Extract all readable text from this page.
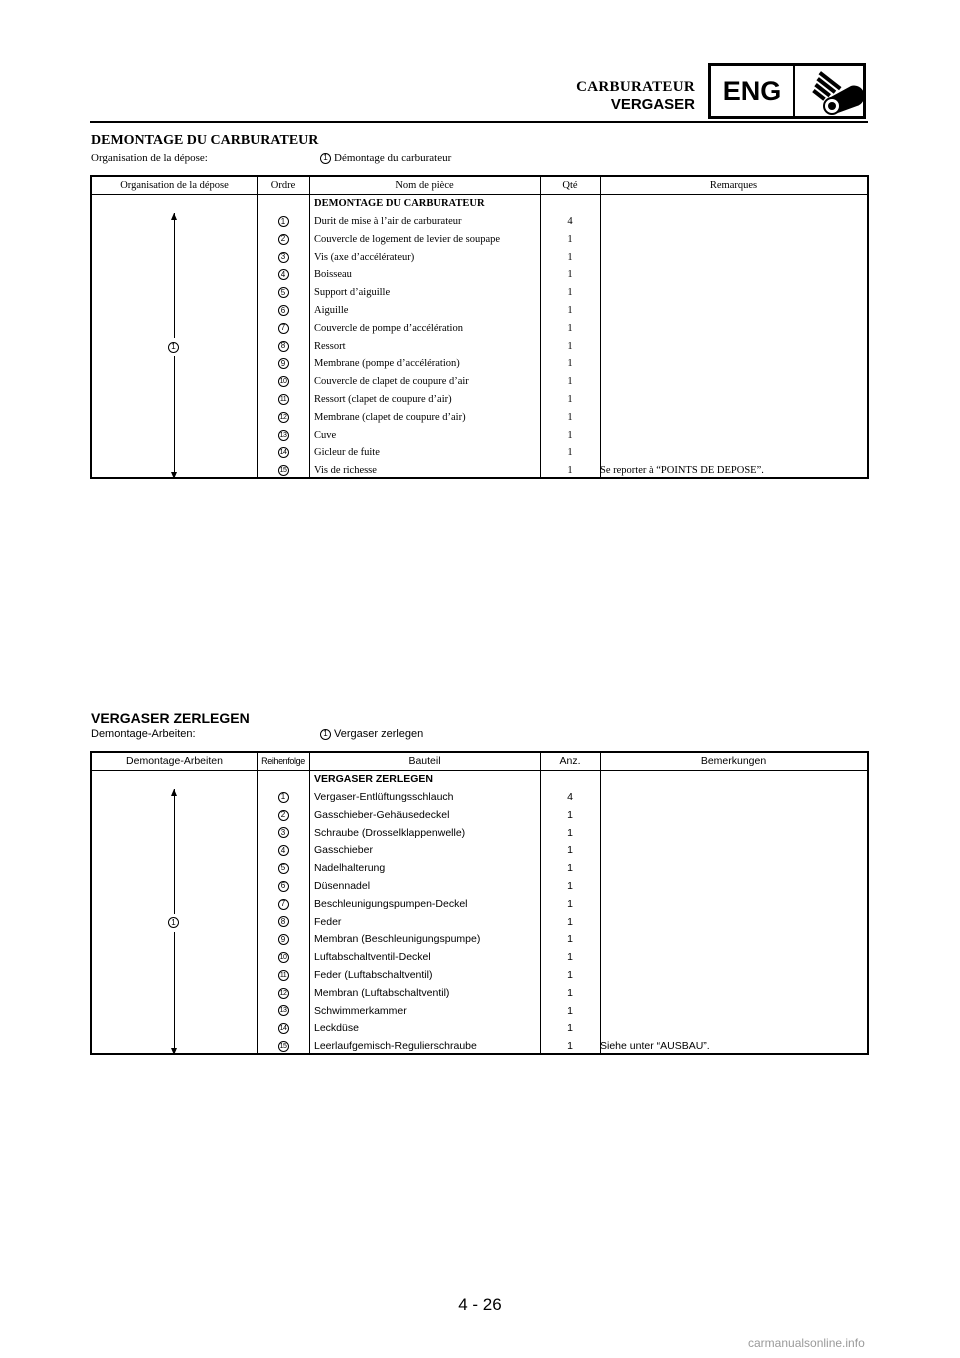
CARBURATEUR
VERGASER	ENG
DEMONTAGE DU CARBURATEUR
Organisation de la dépose:	1 Démontage du carburateur
Organisation de la dépose	Ordre	Nom de pièce	Qté	Remarques
DEMONTAGE DU CARBURATEUR
1	Durit de mise à l’air de carburateur	4
2	Couvercle de logement de levier de soupape	1
3	Vis (axe d’accélérateur)	1
4	Boisseau	1
5	Support d’aiguille	1
6	Aiguille	1
7	Couvercle de pompe d’accélération	1
8	Ressort	1
9	Membrane (pompe d’accélération)	1
10	Couvercle de clapet de coupure d’air	1
11	Ressort (clapet de coupure d’air)	1
12	Membrane (clapet de coupure d’air)	1
13	Cuve	1
14	Gicleur de fuite	1
15	Vis de richesse	1	Se reporter à “POINTS DE DEPOSE”.
1
VERGASER ZERLEGEN
Demontage-Arbeiten:	1 Vergaser zerlegen
Demontage-Arbeiten	Reihenfolge	Bauteil	Anz.	Bemerkungen
VERGASER ZERLEGEN
1	Vergaser-Entlüftungsschlauch	4
2	Gasschieber-Gehäusedeckel	1
3	Schraube (Drosselklappenwelle)	1
4	Gasschieber	1
5	Nadelhalterung	1
6	Düsennadel	1
7	Beschleunigungspumpen-Deckel	1
8	Feder	1
9	Membran (Beschleunigungspumpe)	1
10	Luftabschaltventil-Deckel	1
11	Feder (Luftabschaltventil)	1
12	Membran (Luftabschaltventil)	1
13	Schwimmerkammer	1
14	Leckdüse	1
15	Leerlaufgemisch-Regulierschraube	1	Siehe unter “AUSBAU”.
1
4 - 26
carmanualsonline.info
